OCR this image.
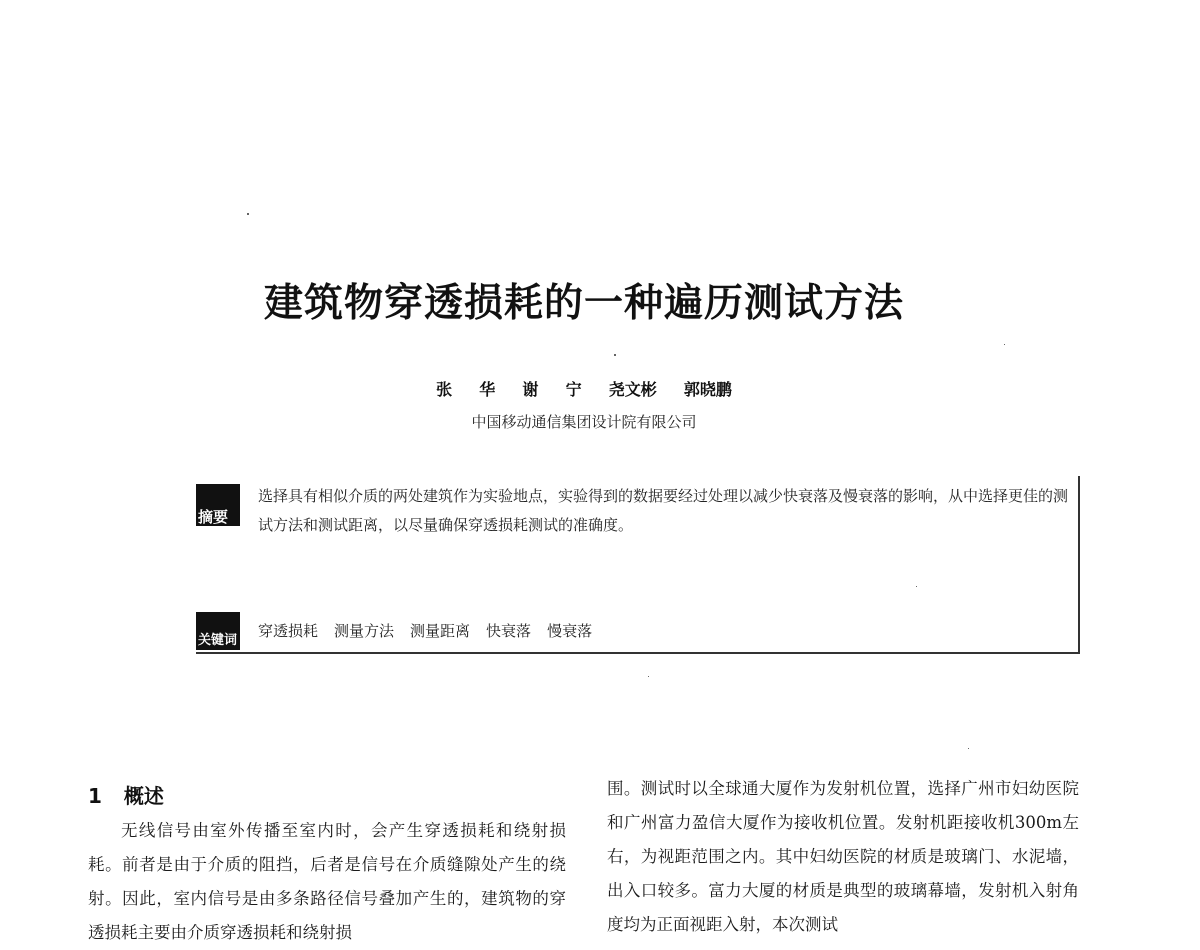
建筑物穿透损耗的一种遍历测试方法
张  华  谢  宁  尧文彬  郭晓鹏
中国移动通信集团设计院有限公司
摘要
选择具有相似介质的两处建筑作为实验地点，实验得到的数据要经过处理以减少快衰落及慢衰落的影响，从中选择更佳的测试方法和测试距离，以尽量确保穿透损耗测试的准确度。
关键词
穿透损耗 测量方法 测量距离 快衰落 慢衰落
1 概述

无线信号由室外传播至室内时，会产生穿透损耗和绕射损耗。前者是由于介质的阻挡，后者是信号在介质缝隙处产生的绕射。因此，室内信号是由多条路径信号叠加产生的，建筑物的穿透损耗主要由介质穿透损耗和绕射损

围。测试时以全球通大厦作为发射机位置，选择广州市妇幼医院和广州富力盈信大厦作为接收机位置。发射机距接收机300m左右，为视距范围之内。其中妇幼医院的材质是玻璃门、水泥墙，出入口较多。富力大厦的材质是典型的玻璃幕墙，发射机入射角度均为正面视距入射，本次测试
